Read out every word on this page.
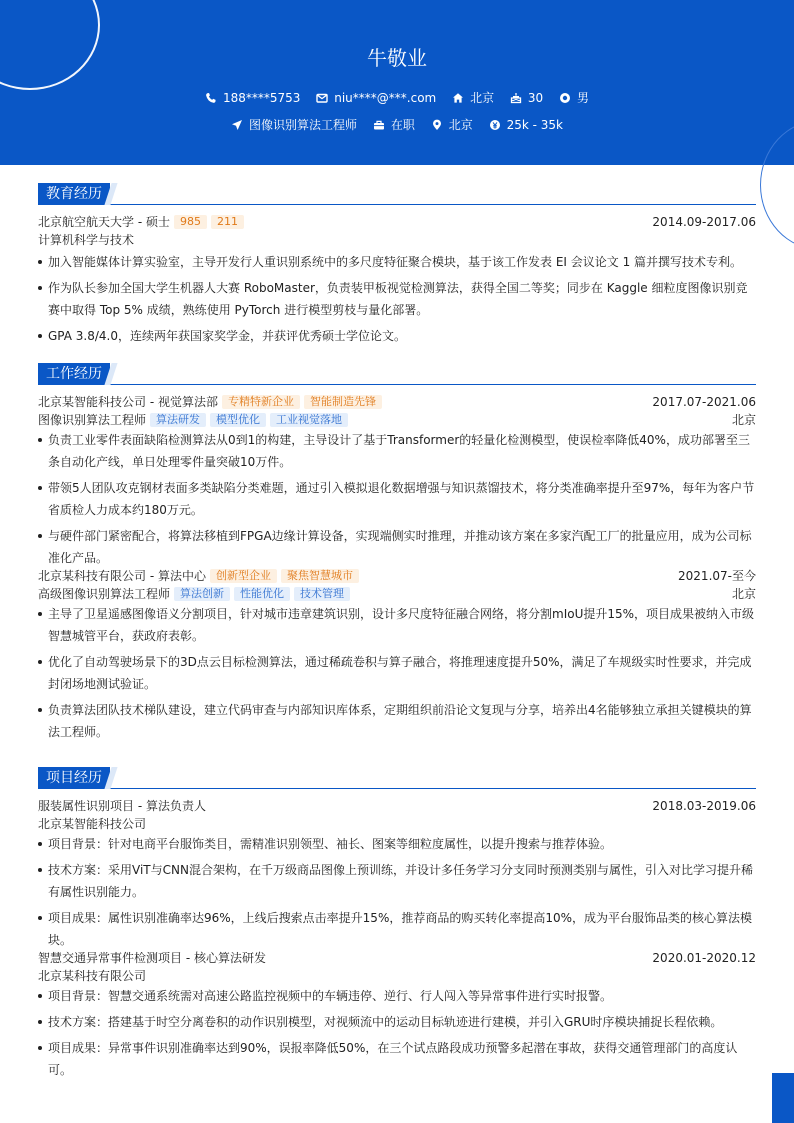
牛敬业
188****5753	niu****@***.com	北京	30	男
图像识别算法工程师	在职	北京	25k - 35k
教育经历
北京航空航天大学 - 硕士 985 211	2014.09-2017.06
计算机科学与技术
加入智能媒体计算实验室，主导开发行人重识别系统中的多尺度特征聚合模块，基于该工作发表 EI 会议论文 1 篇并撰写技术专利。
作为队长参加全国大学生机器人大赛 RoboMaster，负责装甲板视觉检测算法，获得全国二等奖；同步在 Kaggle 细粒度图像识别竞赛中取得 Top 5% 成绩，熟练使用 PyTorch 进行模型剪枝与量化部署。
GPA 3.8/4.0，连续两年获国家奖学金，并获评优秀硕士学位论文。
工作经历
北京某智能科技公司 - 视觉算法部 专精特新企业 智能制造先锋	2017.07-2021.06
图像识别算法工程师 算法研发 模型优化 工业视觉落地	北京
负责工业零件表面缺陷检测算法从0到1的构建，主导设计了基于Transformer的轻量化检测模型，使误检率降低40%，成功部署至三条自动化产线，单日处理零件量突破10万件。
带领5人团队攻克钢材表面多类缺陷分类难题，通过引入模拟退化数据增强与知识蒸馏技术，将分类准确率提升至97%，每年为客户节省质检人力成本约180万元。
与硬件部门紧密配合，将算法移植到FPGA边缘计算设备，实现端侧实时推理，并推动该方案在多家汽配工厂的批量应用，成为公司标准化产品。
北京某科技有限公司 - 算法中心 创新型企业 聚焦智慧城市	2021.07-至今
高级图像识别算法工程师 算法创新 性能优化 技术管理	北京
主导了卫星遥感图像语义分割项目，针对城市违章建筑识别，设计多尺度特征融合网络，将分割mIoU提升15%，项目成果被纳入市级智慧城管平台，获政府表彰。
优化了自动驾驶场景下的3D点云目标检测算法，通过稀疏卷积与算子融合，将推理速度提升50%，满足了车规级实时性要求，并完成封闭场地测试验证。
负责算法团队技术梯队建设，建立代码审查与内部知识库体系，定期组织前沿论文复现与分享，培养出4名能够独立承担关键模块的算法工程师。
项目经历
服装属性识别项目 - 算法负责人	2018.03-2019.06
北京某智能科技公司
项目背景：针对电商平台服饰类目，需精准识别领型、袖长、图案等细粒度属性，以提升搜索与推荐体验。
技术方案：采用ViT与CNN混合架构，在千万级商品图像上预训练，并设计多任务学习分支同时预测类别与属性，引入对比学习提升稀有属性识别能力。
项目成果：属性识别准确率达96%，上线后搜索点击率提升15%，推荐商品的购买转化率提高10%，成为平台服饰品类的核心算法模块。
智慧交通异常事件检测项目 - 核心算法研发	2020.01-2020.12
北京某科技有限公司
项目背景：智慧交通系统需对高速公路监控视频中的车辆违停、逆行、行人闯入等异常事件进行实时报警。
技术方案：搭建基于时空分离卷积的动作识别模型，对视频流中的运动目标轨迹进行建模，并引入GRU时序模块捕捉长程依赖。
项目成果：异常事件识别准确率达到90%，误报率降低50%，在三个试点路段成功预警多起潜在事故，获得交通管理部门的高度认可。
